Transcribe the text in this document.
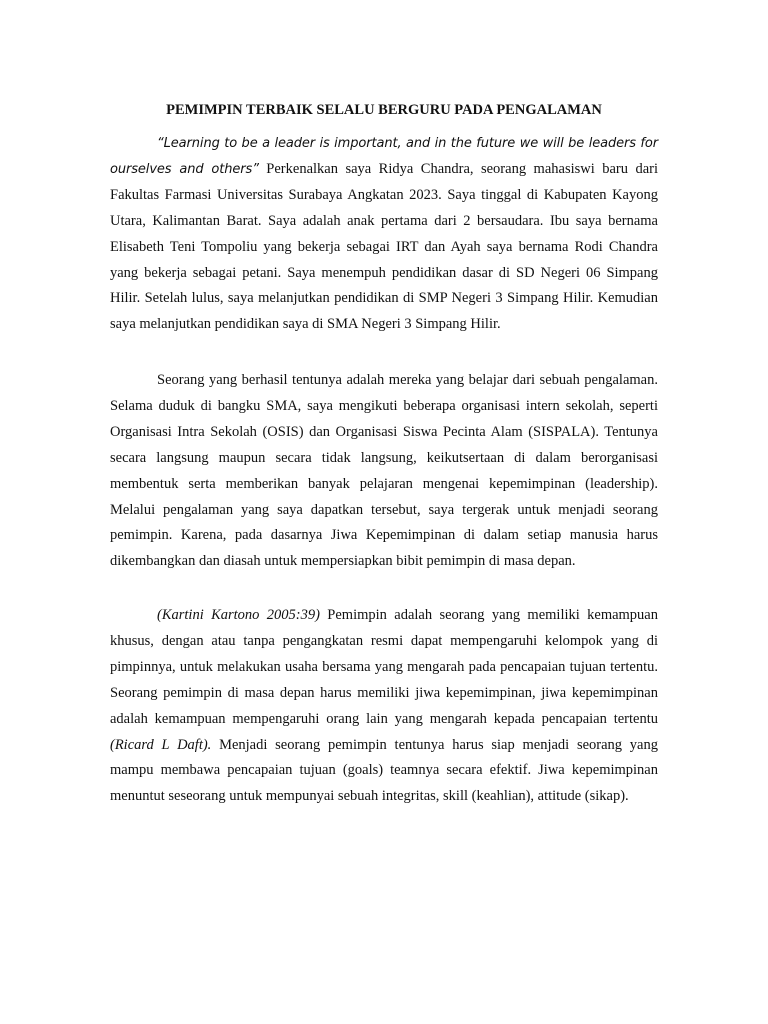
PEMIMPIN TERBAIK SELALU BERGURU PADA PENGALAMAN

“Learning to be a leader is important, and in the future we will be leaders for ourselves and others” Perkenalkan saya Ridya Chandra, seorang mahasiswi baru dari Fakultas Farmasi Universitas Surabaya Angkatan 2023. Saya tinggal di Kabupaten Kayong Utara, Kalimantan Barat. Saya adalah anak pertama dari 2 bersaudara. Ibu saya bernama Elisabeth Teni Tompoliu yang bekerja sebagai IRT dan Ayah saya bernama Rodi Chandra yang bekerja sebagai petani. Saya menempuh pendidikan dasar di SD Negeri 06 Simpang Hilir. Setelah lulus, saya melanjutkan pendidikan di SMP Negeri 3 Simpang Hilir. Kemudian saya melanjutkan pendidikan saya di SMA Negeri 3 Simpang Hilir.

Seorang yang berhasil tentunya adalah mereka yang belajar dari sebuah pengalaman. Selama duduk di bangku SMA, saya mengikuti beberapa organisasi intern sekolah, seperti Organisasi Intra Sekolah (OSIS) dan Organisasi Siswa Pecinta Alam (SISPALA). Tentunya secara langsung maupun secara tidak langsung, keikutsertaan di dalam berorganisasi membentuk serta memberikan banyak pelajaran mengenai kepemimpinan (leadership). Melalui pengalaman yang saya dapatkan tersebut, saya tergerak untuk menjadi seorang pemimpin. Karena, pada dasarnya Jiwa Kepemimpinan di dalam setiap manusia harus dikembangkan dan diasah untuk mempersiapkan bibit pemimpin di masa depan.

(Kartini Kartono 2005:39) Pemimpin adalah seorang yang memiliki kemampuan khusus, dengan atau tanpa pengangkatan resmi dapat mempengaruhi kelompok yang di pimpinnya, untuk melakukan usaha bersama yang mengarah pada pencapaian tujuan tertentu. Seorang pemimpin di masa depan harus memiliki jiwa kepemimpinan, jiwa kepemimpinan adalah kemampuan mempengaruhi orang lain yang mengarah kepada pencapaian tertentu (Ricard L Daft). Menjadi seorang pemimpin tentunya harus siap menjadi seorang yang mampu membawa pencapaian tujuan (goals) teamnya secara efektif. Jiwa kepemimpinan menuntut seseorang untuk mempunyai sebuah integritas, skill (keahlian), attitude (sikap).
